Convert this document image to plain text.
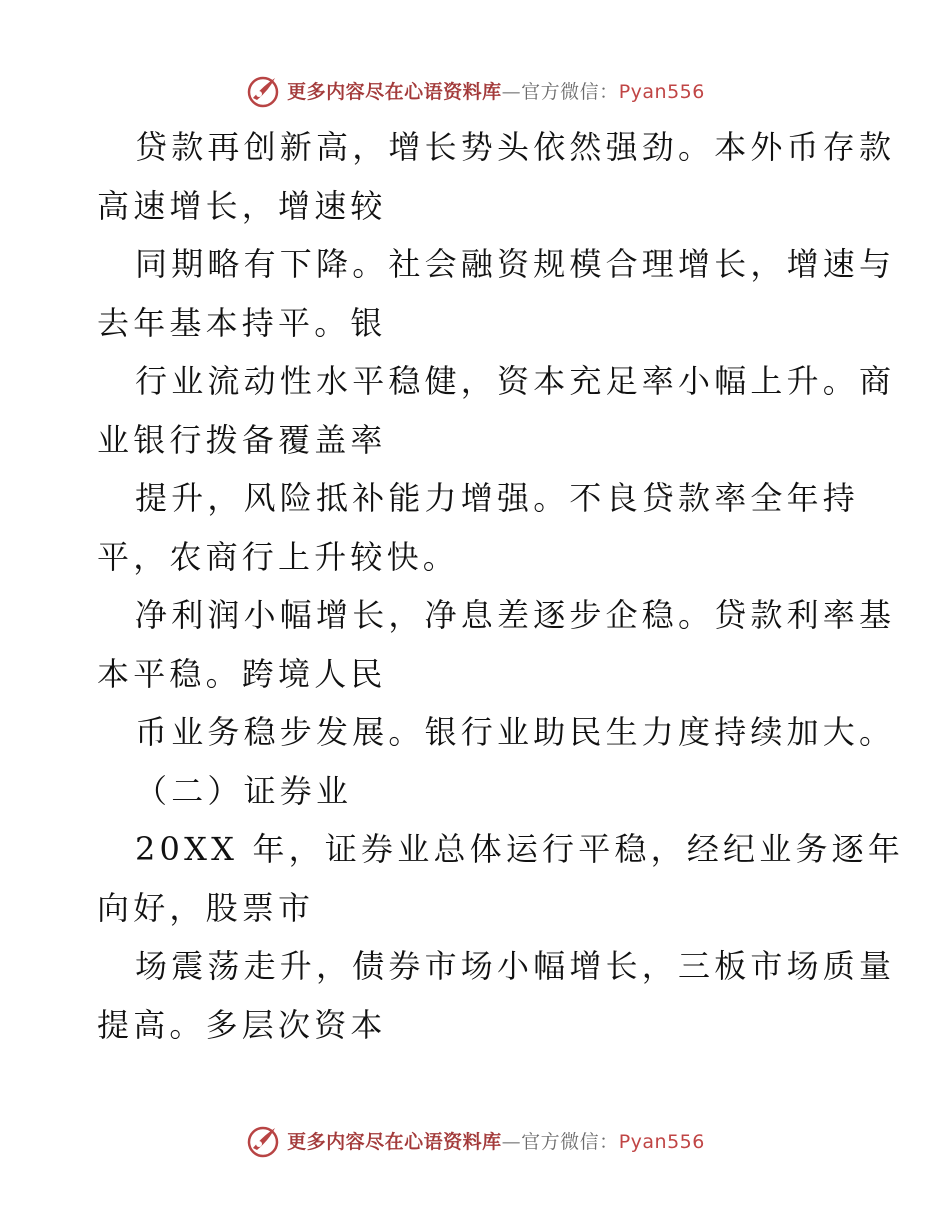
更多内容尽在心语资料库—官方微信：Pyan556
贷款再创新高，增长势头依然强劲。本外币存款
高速增长，增速较
同期略有下降。社会融资规模合理增长，增速与
去年基本持平。银
行业流动性水平稳健，资本充足率小幅上升。商
业银行拨备覆盖率
提升，风险抵补能力增强。不良贷款率全年持
平，农商行上升较快。
净利润小幅增长，净息差逐步企稳。贷款利率基
本平稳。跨境人民
币业务稳步发展。银行业助民生力度持续加大。
（二）证券业
20XX 年，证券业总体运行平稳，经纪业务逐年
向好，股票市
场震荡走升，债券市场小幅增长，三板市场质量
提高。多层次资本
更多内容尽在心语资料库—官方微信：Pyan556
